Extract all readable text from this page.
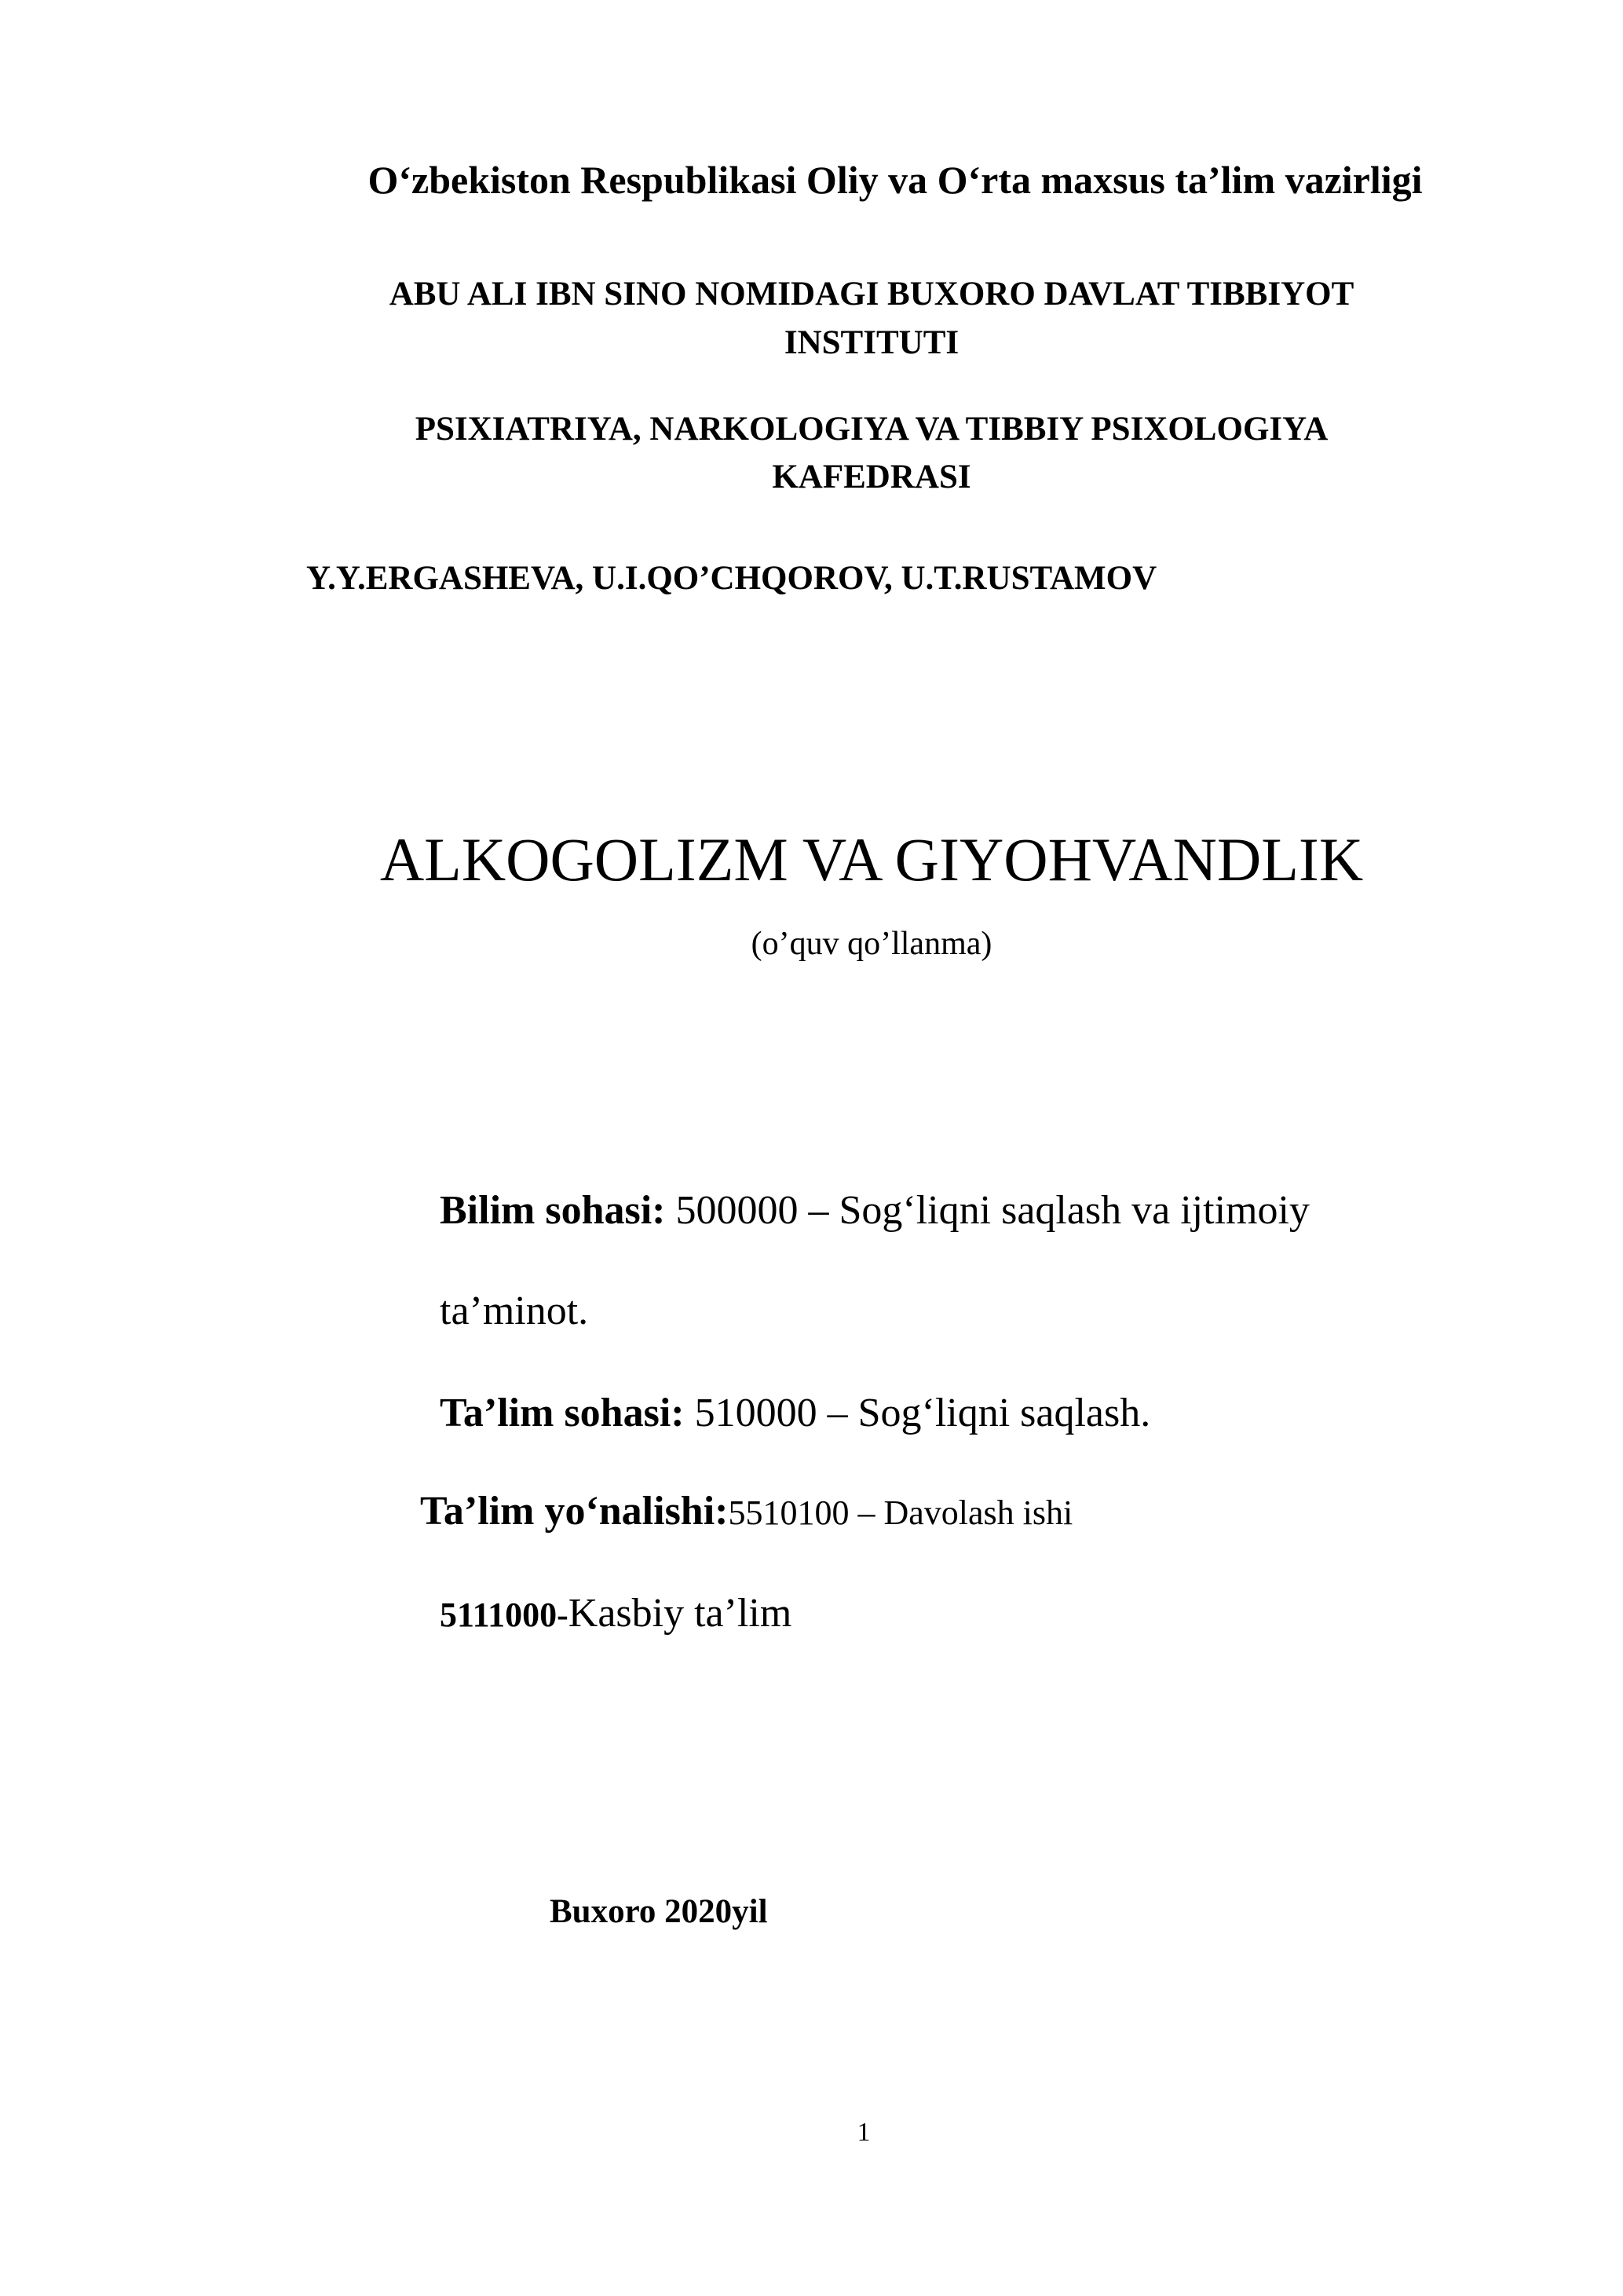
O‘zbekiston Respublikasi Oliy va O‘rta maxsus ta’lim vazirligi
ABU ALI IBN SINO NOMIDAGI BUXORO DAVLAT TIBBIYOT
INSTITUTI
PSIXIATRIYA, NARKOLOGIYA VA TIBBIY PSIXOLOGIYA
KAFEDRASI
Y.Y.ERGASHEVA, U.I.QO’CHQOROV, U.T.RUSTAMOV
ALKOGOLIZM VA GIYOHVANDLIK
(o’quv qo’llanma)
Bilim sohasi: 500000 – Sog‘liqni saqlash va ijtimoiy
ta’minot.
Ta’lim sohasi: 510000 – Sog‘liqni saqlash.
Ta’lim yo‘nalishi:5510100 – Davolash ishi
5111000-Kasbiy ta’lim
Buxoro 2020yil
1
